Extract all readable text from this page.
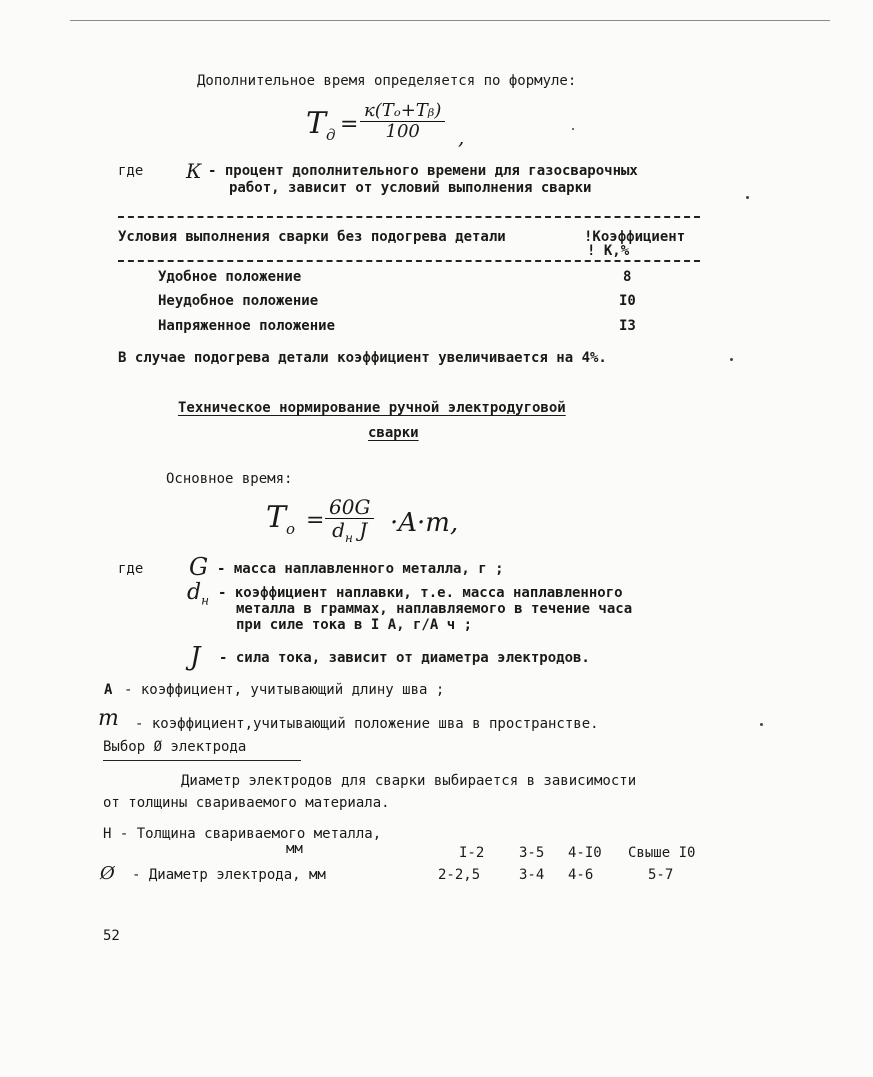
Дополнительное время определяется по формуле:
$T_д$ =
к(Tₒ+Tᵦ)
100 ,
где К - процент дополнительного времени для газосварочных
работ, зависит от условий выполнения сварки
Условия выполнения сварки без подогрева детали	!Коэффициент
! К,%
Удобное положение	8
Неудобное положение	I0
Напряженное положение	I3
В случае подогрева детали коэффициент увеличивается на 4%.
Техническое нормирование ручной электродуговой
сварки
Основное время:
$T_o$ =
60G
$d_н$ J ·A·m,
где G - масса наплавленного металла, г ;
$d_н$ - коэффициент наплавки, т.е. масса наплавленного
металла в граммах, наплавляемого в течение часа
при силе тока в I А, г/А ч ;
J - сила тока, зависит от диаметра электродов.
А - коэффициент, учитывающий длину шва ;
m - коэффициент,учитывающий положение шва в пространстве.
Выбор Ø электрода
Диаметр электродов для сварки выбирается в зависимости
от толщины свариваемого материала.
Н - Толщина свариваемого металла,
мм	I-2 3-5 4-I0 Свыше I0
Ø - Диаметр электрода, мм	2-2,5	3-4 4-6	5-7
52
